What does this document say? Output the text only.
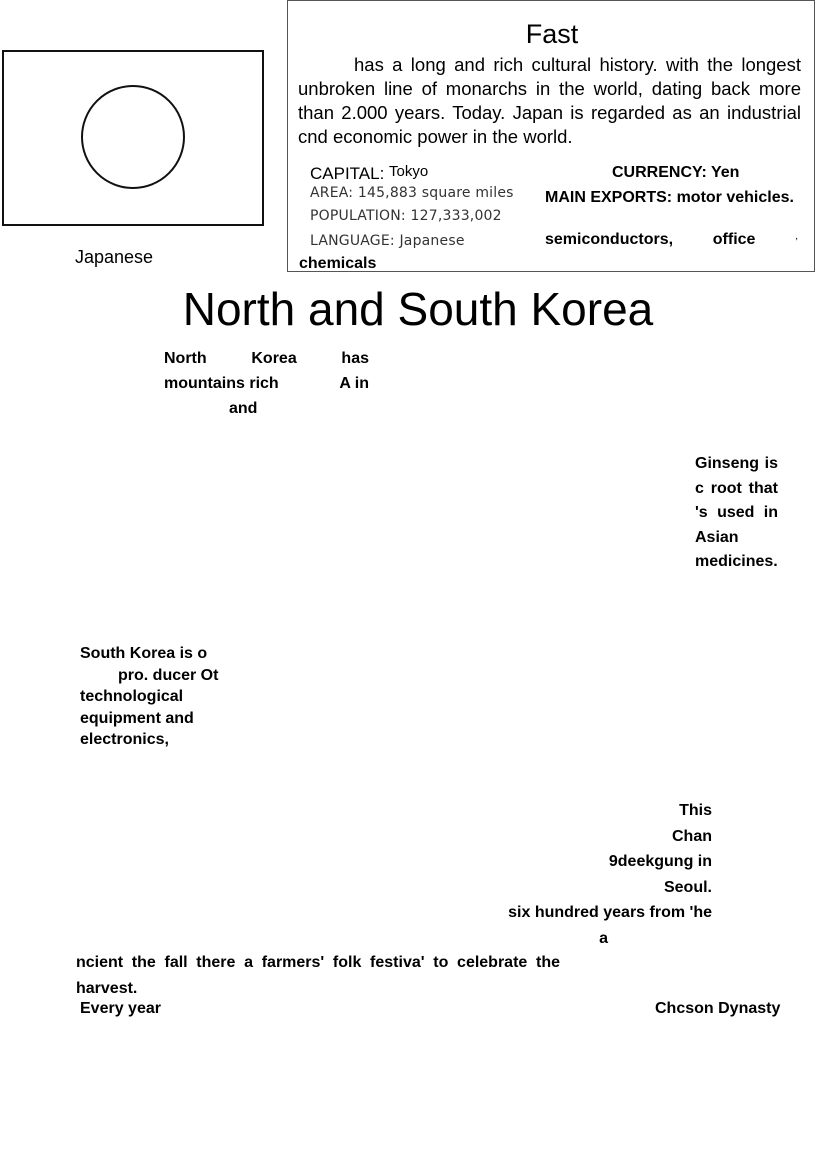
Japanese
Fast
has a long and rich cultural history. with the longest unbroken line of monarchs in the world, dating back more than 2.000 years. Today. Japan is regarded as an industrial cnd economic power in the world.
CAPITAL: Tokyo
AREA: 145,883 square miles
POPULATION: 127,333,002
LANGUAGE: Japanese
CURRENCY: Yen
MAIN EXPORTS: motor vehicles.
semiconductors, office	,
chemicals
North and South Korea
North	Korea	has
mountains rich	A in
and
Ginseng is
c root that
's used in
Asian
medicines.
South Korea is o
pro. ducer Ot
technological
equipment and
electronics,
This
Chan
9deekgung in
Seoul.
six hundred years from 'he
a
ncient the fall there a farmers' folk festiva' to celebrate the harvest.
Every year	Chcson Dynasty
